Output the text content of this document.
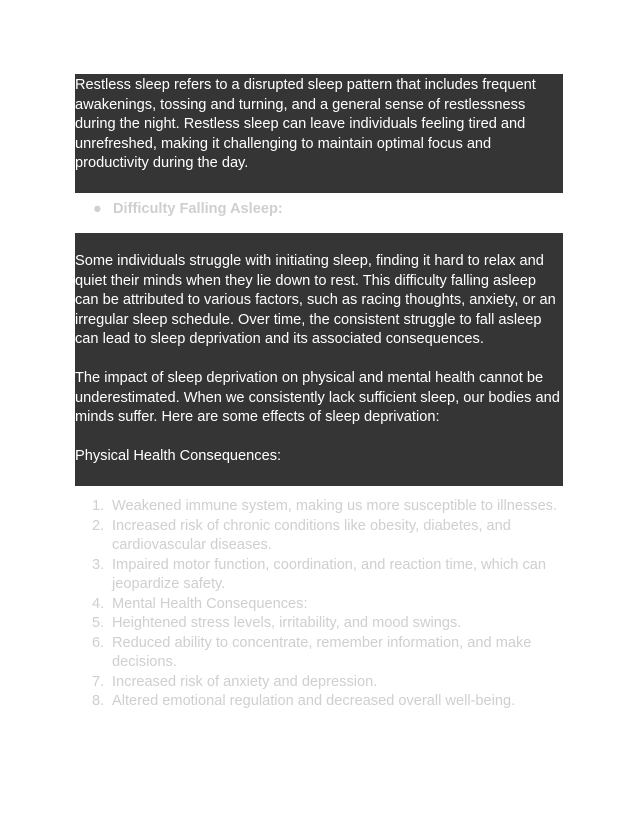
Restless sleep refers to a disrupted sleep pattern that includes frequent awakenings, tossing and turning, and a general sense of restlessness during the night. Restless sleep can leave individuals feeling tired and unrefreshed, making it challenging to maintain optimal focus and productivity during the day.

● Difficulty Falling Asleep:

Some individuals struggle with initiating sleep, finding it hard to relax and quiet their minds when they lie down to rest. This difficulty falling asleep can be attributed to various factors, such as racing thoughts, anxiety, or an irregular sleep schedule. Over time, the consistent struggle to fall asleep can lead to sleep deprivation and its associated consequences.

The impact of sleep deprivation on physical and mental health cannot be underestimated. When we consistently lack sufficient sleep, our bodies and minds suffer. Here are some effects of sleep deprivation:

Physical Health Consequences:

1. Weakened immune system, making us more susceptible to illnesses.
2. Increased risk of chronic conditions like obesity, diabetes, and cardiovascular diseases.
3. Impaired motor function, coordination, and reaction time, which can jeopardize safety.
4. Mental Health Consequences:
5. Heightened stress levels, irritability, and mood swings.
6. Reduced ability to concentrate, remember information, and make decisions.
7. Increased risk of anxiety and depression.
8. Altered emotional regulation and decreased overall well-being.
